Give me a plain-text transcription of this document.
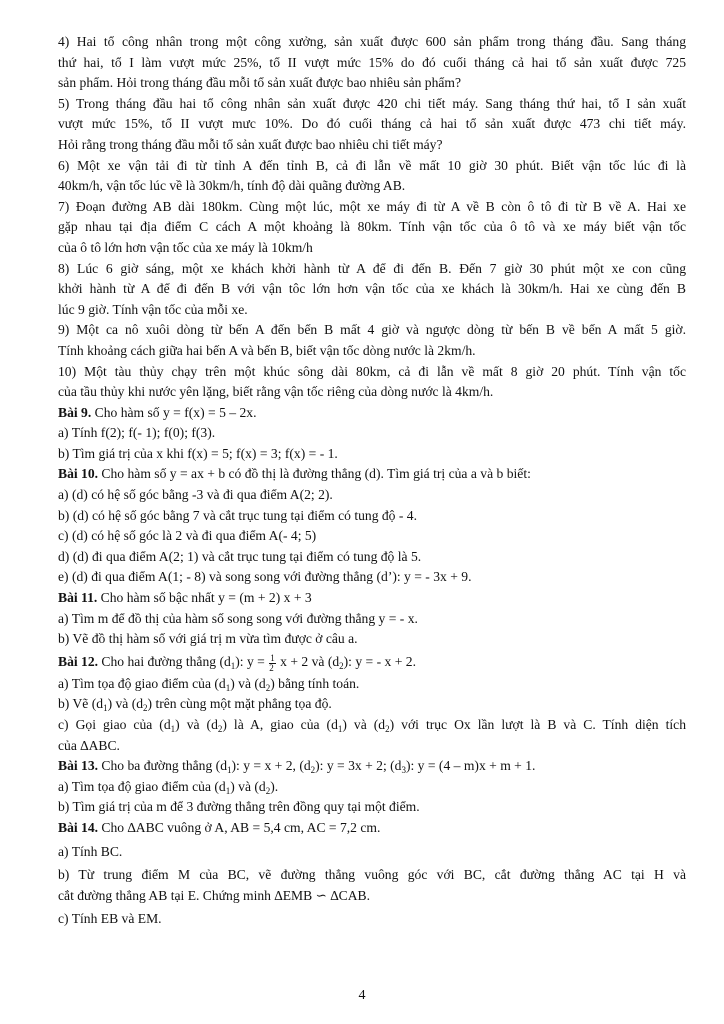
4) Hai tổ công nhân trong một công xưởng, sản xuất được 600 sản phẩm trong tháng đầu. Sang tháng
thứ hai, tổ I làm vượt mức 25%, tổ II vượt mức 15% do đó cuối tháng cả hai tổ sản xuất được 725
sản phẩm. Hỏi trong tháng đầu mỗi tổ sản xuất được bao nhiêu sản phẩm?
5) Trong tháng đầu hai tổ công nhân sản xuất được 420 chi tiết máy. Sang tháng thứ hai, tổ I sản xuất
vượt mức 15%, tổ II vượt mưc 10%. Do đó cuối tháng cả hai tổ sản xuất được 473 chi tiết máy.
Hỏi rằng trong tháng đầu mỗi tổ sản xuất được bao nhiêu chi tiết máy?
6) Một xe vận tải đi từ tỉnh A đến tỉnh B, cả đi lẫn về mất 10 giờ 30 phút. Biết vận tốc lúc đi là
40km/h, vận tốc lúc về là 30km/h, tính độ dài quãng đường AB.
7) Đoạn đường AB dài 180km. Cùng một lúc, một xe máy đi từ A về B còn ô tô đi từ B về A. Hai xe
gặp nhau tại địa điểm C cách A một khoảng là 80km. Tính vận tốc của ô tô và xe máy biết vận tốc
của ô tô lớn hơn vận tốc của xe máy là 10km/h
8) Lúc 6 giờ sáng, một xe khách khởi hành từ A để đi đến B. Đến 7 giờ 30 phút một xe con cũng
khởi hành từ A để đi đến B với vận tôc lớn hơn vận tốc của xe khách là 30km/h. Hai xe cùng đến B
lúc 9 giờ. Tính vận tốc của mỗi xe.
9) Một ca nô xuôi dòng từ bến A đến bến B mất 4 giờ và ngược dòng từ bến B về bến A mất 5 giờ.
Tính khoảng cách giữa hai bến A và bến B, biết vận tốc dòng nước là 2km/h.
10) Một tàu thủy chạy trên một khúc sông dài 80km, cả đi lẫn về mất 8 giờ 20 phút. Tính vận tốc
của tầu thủy khi nước yên lặng, biết rằng vận tốc riêng của dòng nước là 4km/h.
Bài 9. Cho hàm số y = f(x) = 5 – 2x.
a) Tính f(2); f(- 1); f(0); f(3).
b) Tìm giá trị của x khi f(x) = 5; f(x) = 3; f(x) = - 1.
Bài 10. Cho hàm số y = ax + b có đồ thị là đường thẳng (d). Tìm giá trị của a và b biết:
a) (d) có hệ số góc bằng -3 và đi qua điểm A(2; 2).
b) (d) có hệ số góc bằng 7 và cắt trục tung tại điểm có tung độ - 4.
c) (d) có hệ số góc là 2 và đi qua điểm A(- 4; 5)
d) (d) đi qua điểm A(2; 1) và cắt trục tung tại điểm có tung độ là 5.
e) (d) đi qua điểm A(1; - 8) và song song với đường thẳng (d’): y = - 3x + 9.
Bài 11. Cho hàm số bậc nhất y = (m + 2) x + 3
a) Tìm m để đồ thị của hàm số song song với đường thẳng y = - x.
b) Vẽ đồ thị hàm số với giá trị m vừa tìm được ở câu a.
Bài 12. Cho hai đường thẳng $(d_1)$: $y = \frac{1}{2}$ x + 2 và $(d_2)$: y = - x + 2.
a) Tìm tọa độ giao điểm của $(d_1)$ và $(d_2)$ bằng tính toán.
b) Vẽ $(d_1)$ và $(d_2)$ trên cùng một mặt phẳng tọa độ.
c) Gọi giao của $(d_1)$ và $(d_2)$ là A, giao của $(d_1)$ và $(d_2)$ với trục Ox lần lượt là B và C. Tính diện tích
của ∆ABC.
Bài 13. Cho ba đường thẳng $(d_1)$: y = x + 2, $(d_2)$: y = 3x + 2; $(d_3)$: y = (4 – m)x + m + 1.
a) Tìm tọa độ giao điểm của $(d_1)$ và $(d_2)$.
b) Tìm giá trị của m để 3 đường thẳng trên đồng quy tại một điểm.
Bài 14. Cho ∆ABC vuông ở A, AB = 5,4 cm, AC = 7,2 cm.
a) Tính BC.
b) Từ trung điểm M của BC, vẽ đường thẳng vuông góc với BC, cắt đường thẳng AC tại H và
cắt đường thẳng AB tại E. Chứng minh ∆EMB ∽ ∆CAB.
c) Tính EB và EM.
4
